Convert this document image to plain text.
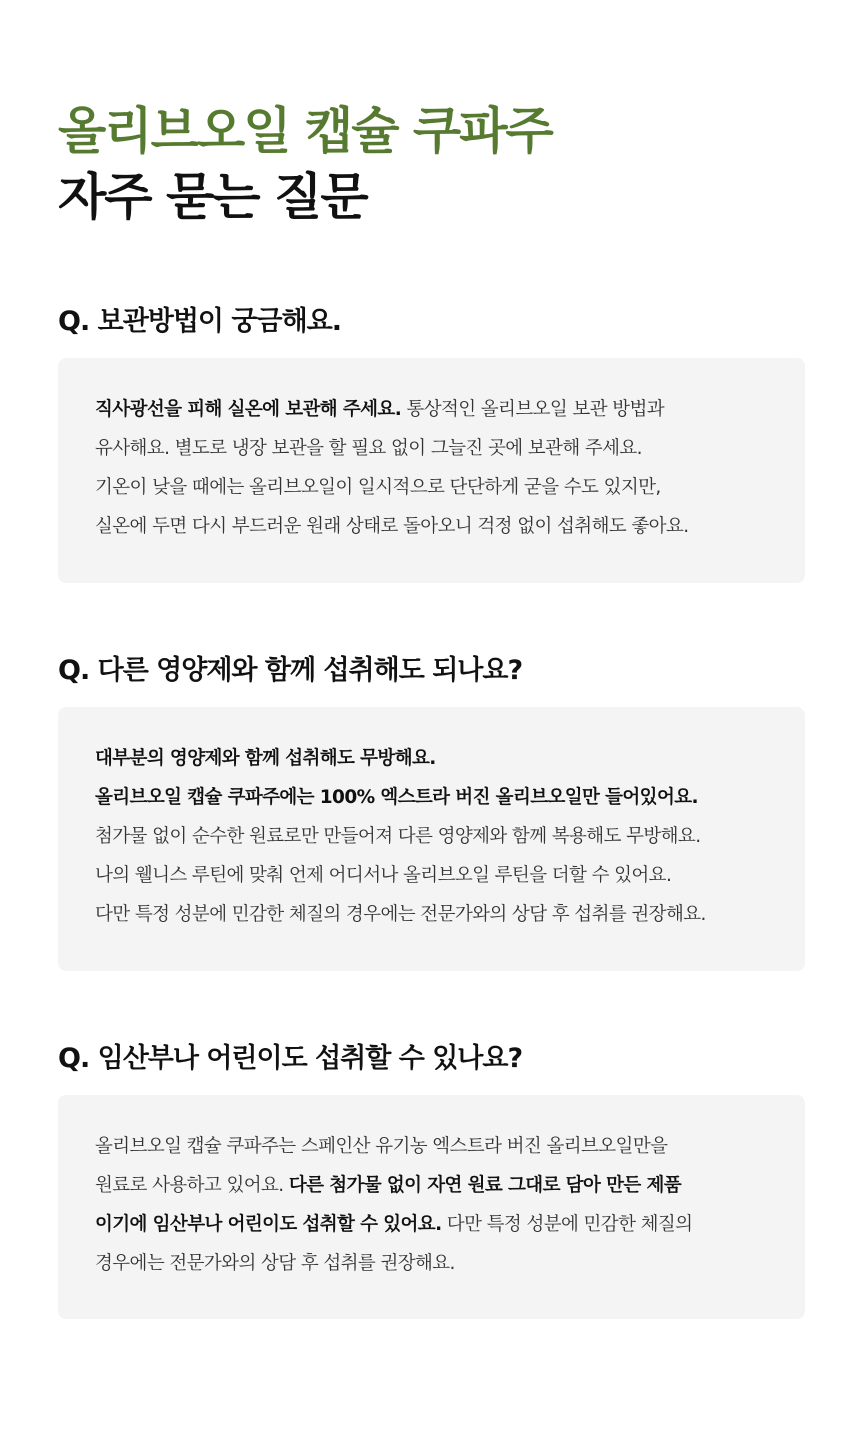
올리브오일 캡슐 쿠파주
자주 묻는 질문
Q. 보관방법이 궁금해요.
직사광선을 피해 실온에 보관해 주세요. 통상적인 올리브오일 보관 방법과
유사해요. 별도로 냉장 보관을 할 필요 없이 그늘진 곳에 보관해 주세요.
기온이 낮을 때에는 올리브오일이 일시적으로 단단하게 굳을 수도 있지만,
실온에 두면 다시 부드러운 원래 상태로 돌아오니 걱정 없이 섭취해도 좋아요.
Q. 다른 영양제와 함께 섭취해도 되나요?
대부분의 영양제와 함께 섭취해도 무방해요.
올리브오일 캡슐 쿠파주에는 100% 엑스트라 버진 올리브오일만 들어있어요.
첨가물 없이 순수한 원료로만 만들어져 다른 영양제와 함께 복용해도 무방해요.
나의 웰니스 루틴에 맞춰 언제 어디서나 올리브오일 루틴을 더할 수 있어요.
다만 특정 성분에 민감한 체질의 경우에는 전문가와의 상담 후 섭취를 권장해요.
Q. 임산부나 어린이도 섭취할 수 있나요?
올리브오일 캡슐 쿠파주는 스페인산 유기농 엑스트라 버진 올리브오일만을
원료로 사용하고 있어요. 다른 첨가물 없이 자연 원료 그대로 담아 만든 제품
이기에 임산부나 어린이도 섭취할 수 있어요. 다만 특정 성분에 민감한 체질의
경우에는 전문가와의 상담 후 섭취를 권장해요.
